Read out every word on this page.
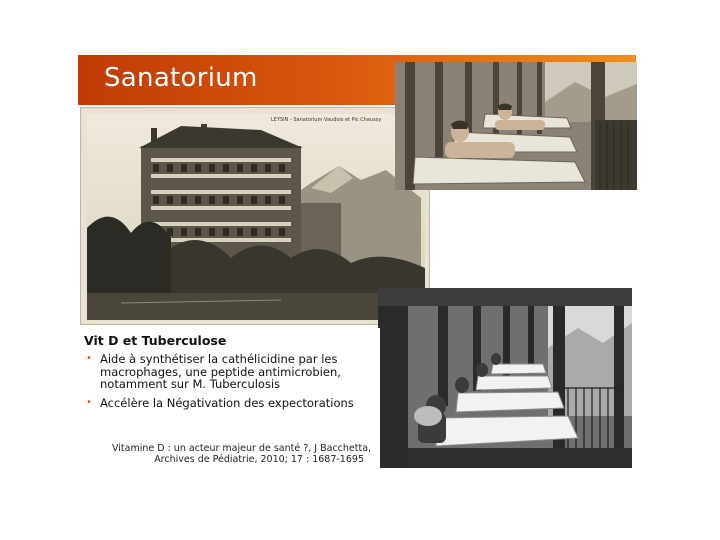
Sanatorium
LEYSIN - Sanatorium Vaudois et Pic Chaussy
Vit D et Tuberculose
• Aide à synthétiser la cathélicidine par les macrophages, une peptide antimicrobien, notamment sur M. Tuberculosis
• Accélère la Négativation des expectorations
Vitamine D : un acteur majeur de santé ?, J Bacchetta,
Archives de Pédiatrie, 2010; 17 : 1687-1695
